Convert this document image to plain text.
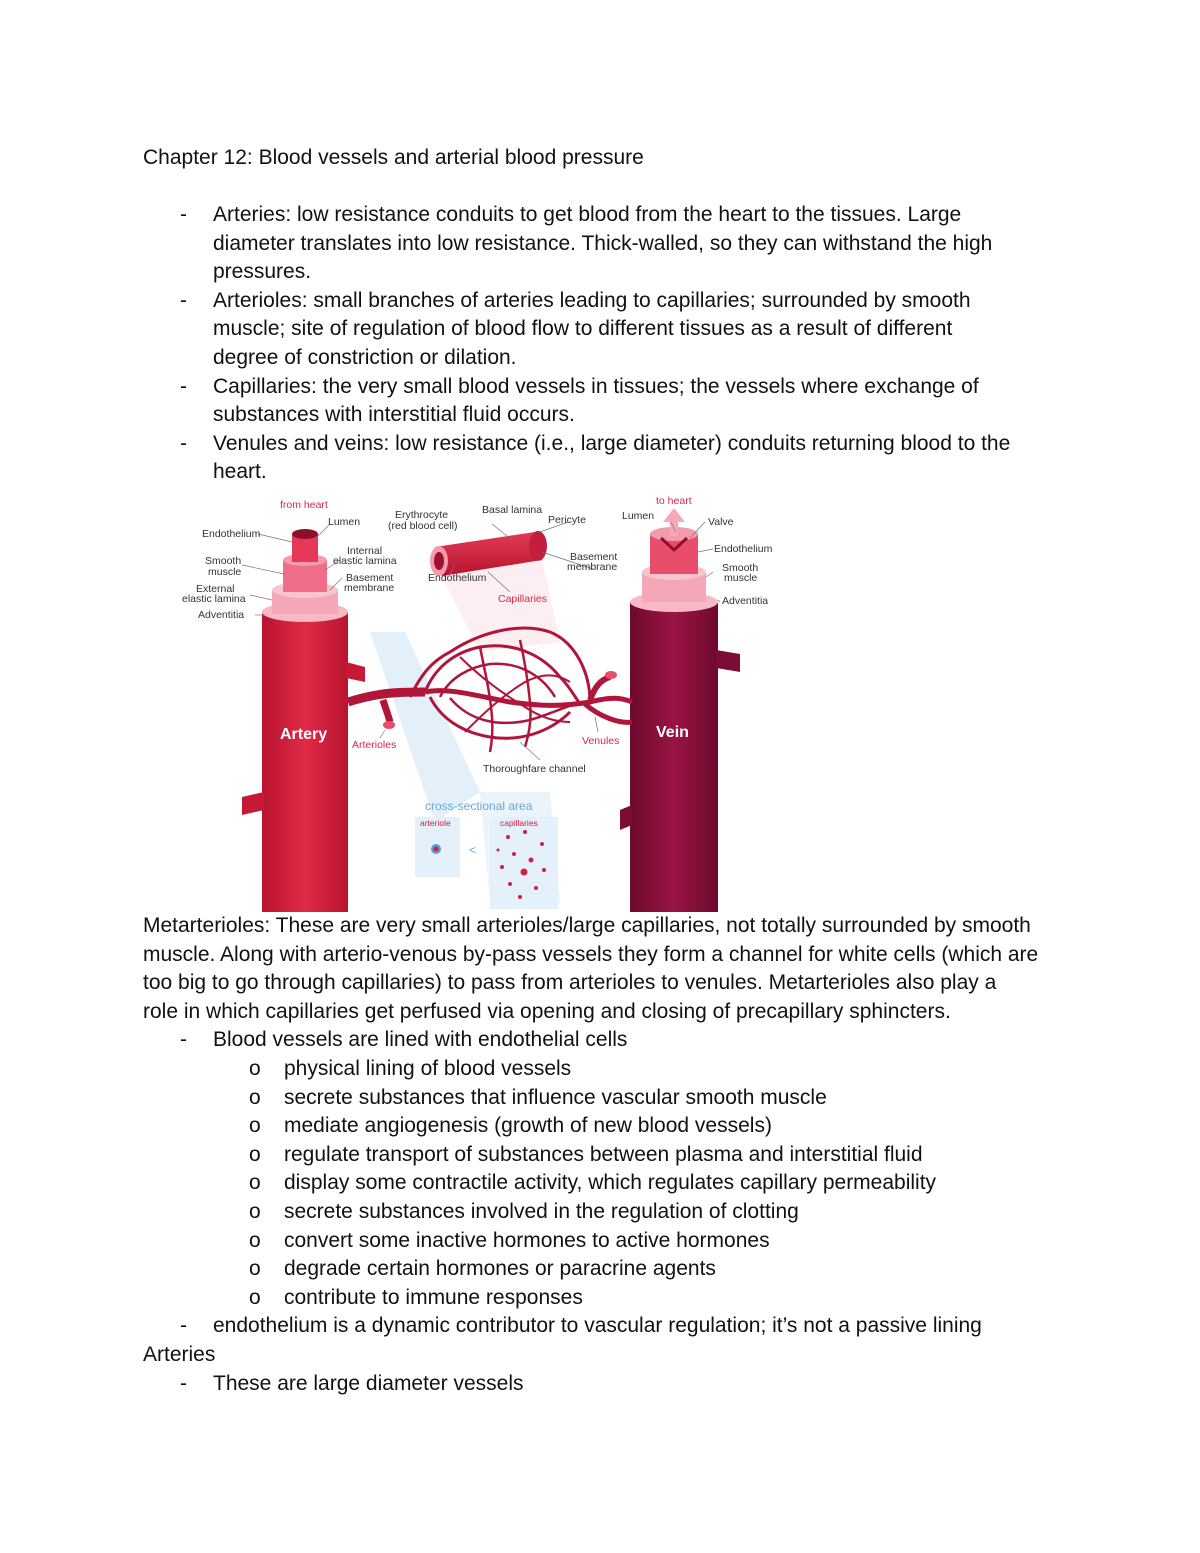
Chapter 12: Blood vessels and arterial blood pressure
- Arteries: low resistance conduits to get blood from the heart to the tissues. Large
diameter translates into low resistance. Thick-walled, so they can withstand the high
pressures.
- Arterioles: small branches of arteries leading to capillaries; surrounded by smooth
muscle; site of regulation of blood flow to different tissues as a result of different
degree of constriction or dilation.
- Capillaries: the very small blood vessels in tissues; the vessels where exchange of
substances with interstitial fluid occurs.
- Venules and veins: low resistance (i.e., large diameter) conduits returning blood to the
heart.
from heart
Endothelium
Lumen
Smooth
muscle
External
elastic lamina
Adventitia
Internal
elastic lamina
Basement
membrane
Erythrocyte
(red blood cell)
Basal lamina
Pericyte
Endothelium
Capillaries
Basement
membrane
to heart
Lumen	Valve
Endothelium
Smooth
muscle
Adventitia
Artery	Vein
Arterioles	Venules
Thoroughfare channel
cross-sectional area
arteriole	capillaries
<
Metarterioles: These are very small arterioles/large capillaries, not totally surrounded by smooth
muscle. Along with arterio-venous by-pass vessels they form a channel for white cells (which are
too big to go through capillaries) to pass from arterioles to venules. Metarterioles also play a
role in which capillaries get perfused via opening and closing of precapillary sphincters.
- Blood vessels are lined with endothelial cells
o physical lining of blood vessels
o secrete substances that influence vascular smooth muscle
o mediate angiogenesis (growth of new blood vessels)
o regulate transport of substances between plasma and interstitial fluid
o display some contractile activity, which regulates capillary permeability
o secrete substances involved in the regulation of clotting
o convert some inactive hormones to active hormones
o degrade certain hormones or paracrine agents
o contribute to immune responses
- endothelium is a dynamic contributor to vascular regulation; it’s not a passive lining
Arteries
- These are large diameter vessels
